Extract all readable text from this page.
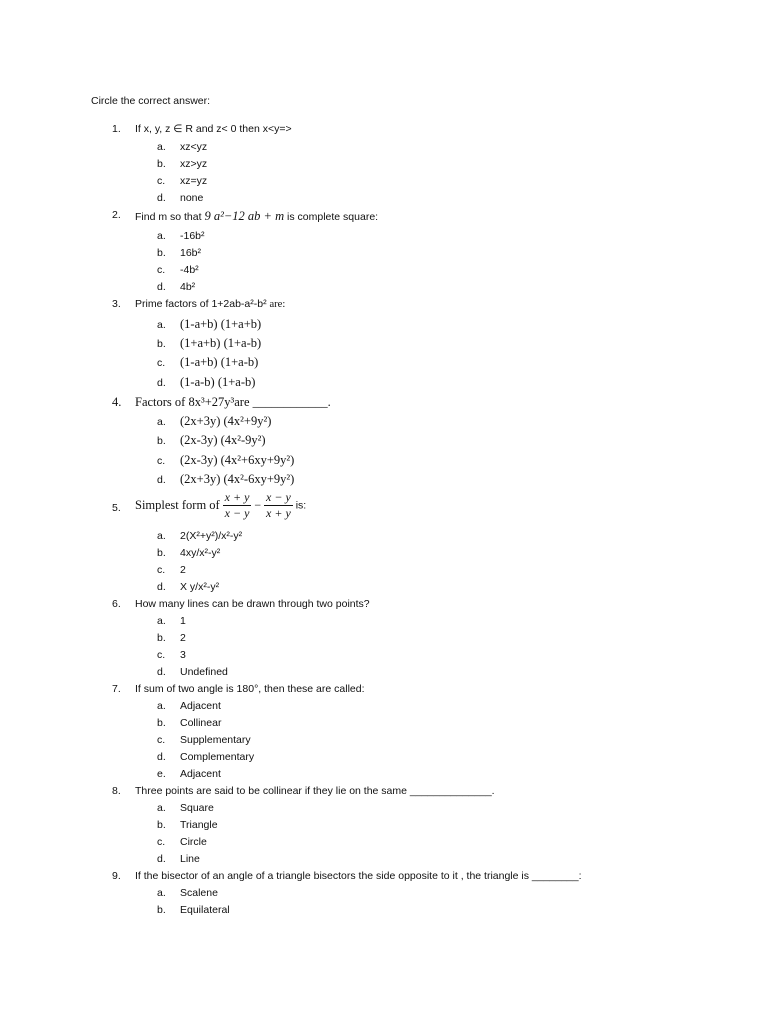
Circle the correct answer:
1.	If x, y, z ∈ R and z< 0 then x<y=>
a. xz<yz
b. xz>yz
c. xz=yz
d. none
2.	Find m so that 9 a²−12 ab + m is complete square:
a. -16b²
b. 16b²
c. -4b²
d. 4b²
3.	Prime factors of 1+2ab-a²-b² are:
a. (1-a+b) (1+a+b)
b. (1+a+b) (1+a-b)
c. (1-a+b) (1+a-b)
d. (1-a-b) (1+a-b)
4.	Factors of 8x³+27y³are ____________.
a. (2x+3y) (4x²+9y²)
b. (2x-3y) (4x²-9y²)
c. (2x-3y) (4x²+6xy+9y²)
d. (2x+3y) (4x²-6xy+9y²)
5.	Simplest form of $\frac{x + y}{x - y} - \frac{x - y}{x + y}$ is:
a. 2(X²+y²)/x²-y²
b. 4xy/x²-y²
c. 2
d. X y/x²-y²
6.	How many lines can be drawn through two points?
a. 1
b. 2
c. 3
d. Undefined
7.	If sum of two angle is 180°, then these are called:
a. Adjacent
b. Collinear
c. Supplementary
d. Complementary
e. Adjacent
8.	Three points are said to be collinear if they lie on the same ______________.
a. Square
b. Triangle
c. Circle
d. Line
9.	If the bisector of an angle of a triangle bisectors the side opposite to it , the triangle is ________:
a. Scalene
b. Equilateral
